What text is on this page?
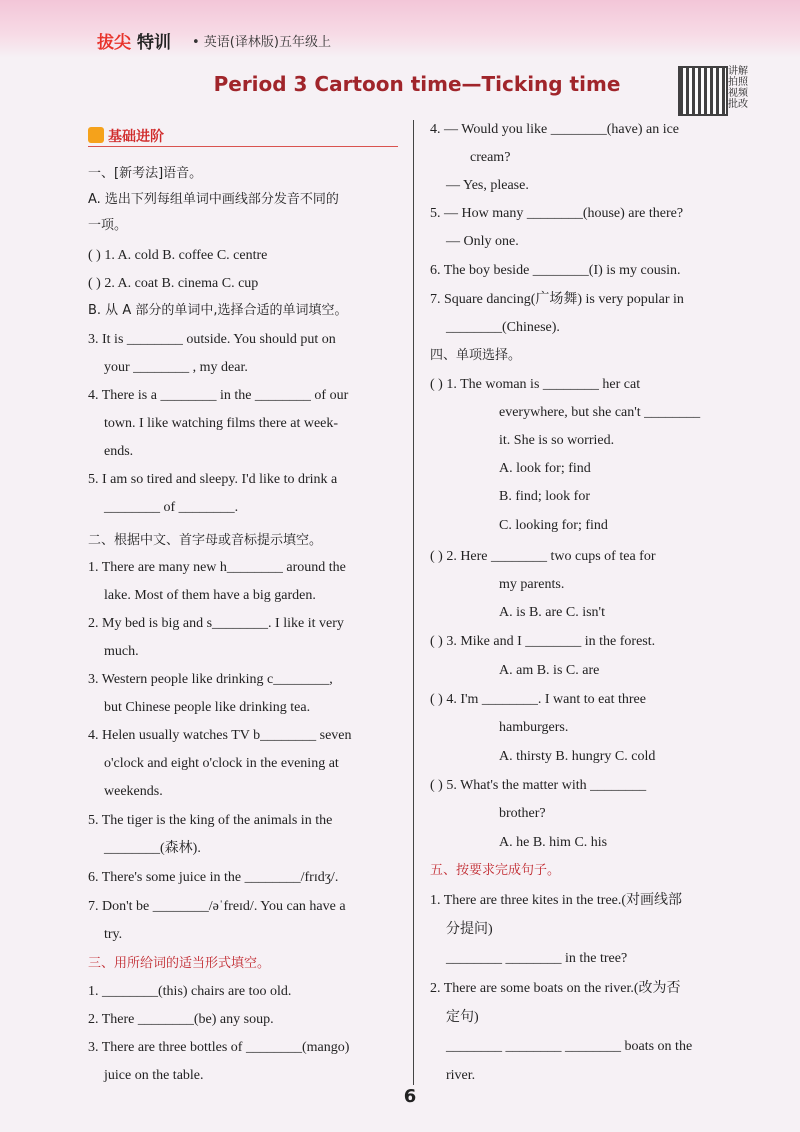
拔尖 特训 • 英语(译林版)五年级上
Period 3 Cartoon time—Ticking time
讲解 拍照 视频 批改
基础进阶
一、[新考法]语音。
A. 选出下列每组单词中画线部分发音不同的
一项。
( ) 1. A. cold B. coffee C. centre
( ) 2. A. coat B. cinema C. cup
B. 从 A 部分的单词中,选择合适的单词填空。
3. It is ________ outside. You should put on
your ________ , my dear.
4. There is a ________ in the ________ of our
town. I like watching films there at week-
ends.
5. I am so tired and sleepy. I'd like to drink a
________ of ________.
二、根据中文、首字母或音标提示填空。
1. There are many new h________ around the
lake. Most of them have a big garden.
2. My bed is big and s________. I like it very
much.
3. Western people like drinking c________,
but Chinese people like drinking tea.
4. Helen usually watches TV b________ seven
o'clock and eight o'clock in the evening at
weekends.
5. The tiger is the king of the animals in the
________(森林).
6. There's some juice in the ________/frɪdʒ/.
7. Don't be ________/əˈfreɪd/. You can have a
try.
三、用所给词的适当形式填空。
1. ________(this) chairs are too old.
2. There ________(be) any soup.
3. There are three bottles of ________(mango)
juice on the table.
4. — Would you like ________(have) an ice
cream?
— Yes, please.
5. — How many ________(house) are there?
— Only one.
6. The boy beside ________(I) is my cousin.
7. Square dancing(广场舞) is very popular in
________(Chinese).
四、单项选择。
( ) 1. The woman is ________ her cat
everywhere, but she can't ________
it. She is so worried.
A. look for; find
B. find; look for
C. looking for; find
( ) 2. Here ________ two cups of tea for
my parents.
A. is B. are C. isn't
( ) 3. Mike and I ________ in the forest.
A. am B. is C. are
( ) 4. I'm ________. I want to eat three
hamburgers.
A. thirsty B. hungry C. cold
( ) 5. What's the matter with ________
brother?
A. he B. him C. his
五、按要求完成句子。
1. There are three kites in the tree.(对画线部
分提问)
________ ________ in the tree?
2. There are some boats on the river.(改为否
定句)
________ ________ ________ boats on the
river.
6
